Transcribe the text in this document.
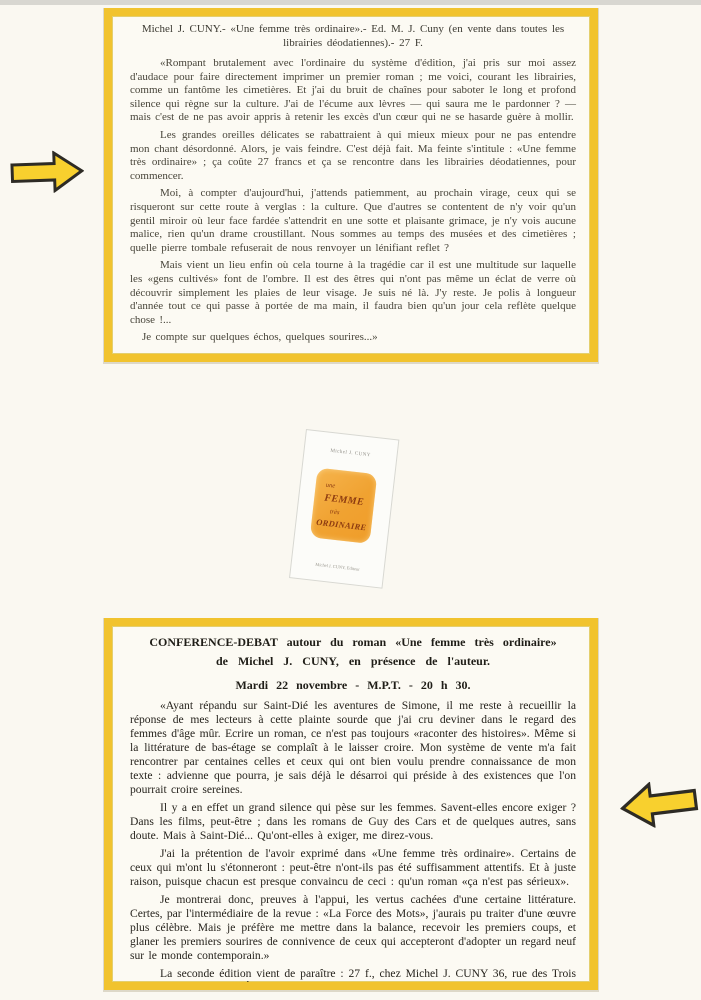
Michel J. CUNY.- «Une femme très ordinaire».- Ed. M. J. Cuny (en vente dans toutes les librairies déodatiennes).- 27 F.

«Rompant brutalement avec l'ordinaire du système d'édition, j'ai pris sur moi assez d'audace pour faire directement imprimer un premier roman ; me voici, courant les librairies, comme un fantôme les cimetières. Et j'ai du bruit de chaînes pour saboter le long et profond silence qui règne sur la culture. J'ai de l'écume aux lèvres — qui saura me le pardonner ? — mais c'est de ne pas avoir appris à retenir les excès d'un cœur qui ne se hasarde guère à mollir.

Les grandes oreilles délicates se rabattraient à qui mieux mieux pour ne pas entendre mon chant désordonné. Alors, je vais feindre. C'est déjà fait. Ma feinte s'intitule : «Une femme très ordinaire» ; ça coûte 27 francs et ça se rencontre dans les librairies déodatiennes, pour commencer.

Moi, à compter d'aujourd'hui, j'attends patiemment, au prochain virage, ceux qui se risqueront sur cette route à verglas : la culture. Que d'autres se contentent de n'y voir qu'un gentil miroir où leur face fardée s'attendrit en une sotte et plaisante grimace, je n'y vois aucune malice, rien qu'un drame croustillant. Nous sommes au temps des musées et des cimetières ; quelle pierre tombale refuserait de nous renvoyer un lénifiant reflet ?

Mais vient un lieu enfin où cela tourne à la tragédie car il est une multitude sur laquelle les «gens cultivés» font de l'ombre. Il est des êtres qui n'ont pas même un éclat de verre où découvrir simplement les plaies de leur visage. Je suis né là. J'y reste. Je polis à longueur d'année tout ce qui passe à portée de ma main, il faudra bien qu'un jour cela reflète quelque chose !...

Je compte sur quelques échos, quelques sourires...»

Michel J. CUNY
une
FEMME
très
ORDINAIRE
Michel J. CUNY, Editeur
CONFERENCE-DEBAT autour du roman «Une femme très ordinaire»
de Michel J. CUNY, en présence de l'auteur.
Mardi 22 novembre - M.P.T. - 20 h 30.

«Ayant répandu sur Saint-Dié les aventures de Simone, il me reste à recueillir la réponse de mes lecteurs à cette plainte sourde que j'ai cru deviner dans le regard des femmes d'âge mûr. Ecrire un roman, ce n'est pas toujours «raconter des histoires». Même si la littérature de bas-étage se complaît à le laisser croire. Mon système de vente m'a fait rencontrer par centaines celles et ceux qui ont bien voulu prendre connaissance de mon texte : advienne que pourra, je sais déjà le désarroi qui préside à des existences que l'on pourrait croire sereines.

Il y a en effet un grand silence qui pèse sur les femmes. Savent-elles encore exiger ? Dans les films, peut-être ; dans les romans de Guy des Cars et de quelques autres, sans doute. Mais à Saint-Dié... Qu'ont-elles à exiger, me direz-vous.

J'ai la prétention de l'avoir exprimé dans «Une femme très ordinaire». Certains de ceux qui m'ont lu s'étonneront : peut-être n'ont-ils pas été suffisamment attentifs. Et à juste raison, puisque chacun est presque convaincu de ceci : qu'un roman «ça n'est pas sérieux».

Je montrerai donc, preuves à l'appui, les vertus cachées d'une certaine littérature. Certes, par l'intermédiaire de la revue : «La Force des Mots», j'aurais pu traiter d'une œuvre plus célèbre. Mais je préfère me mettre dans la balance, recevoir les premiers coups, et glaner les premiers sourires de connivence de ceux qui accepteront d'adopter un regard neuf sur le monde contemporain.»

La seconde édition vient de paraître : 27 f., chez Michel J. CUNY 36, rue des Trois Villes 88101 SAINT-DIÉ.
